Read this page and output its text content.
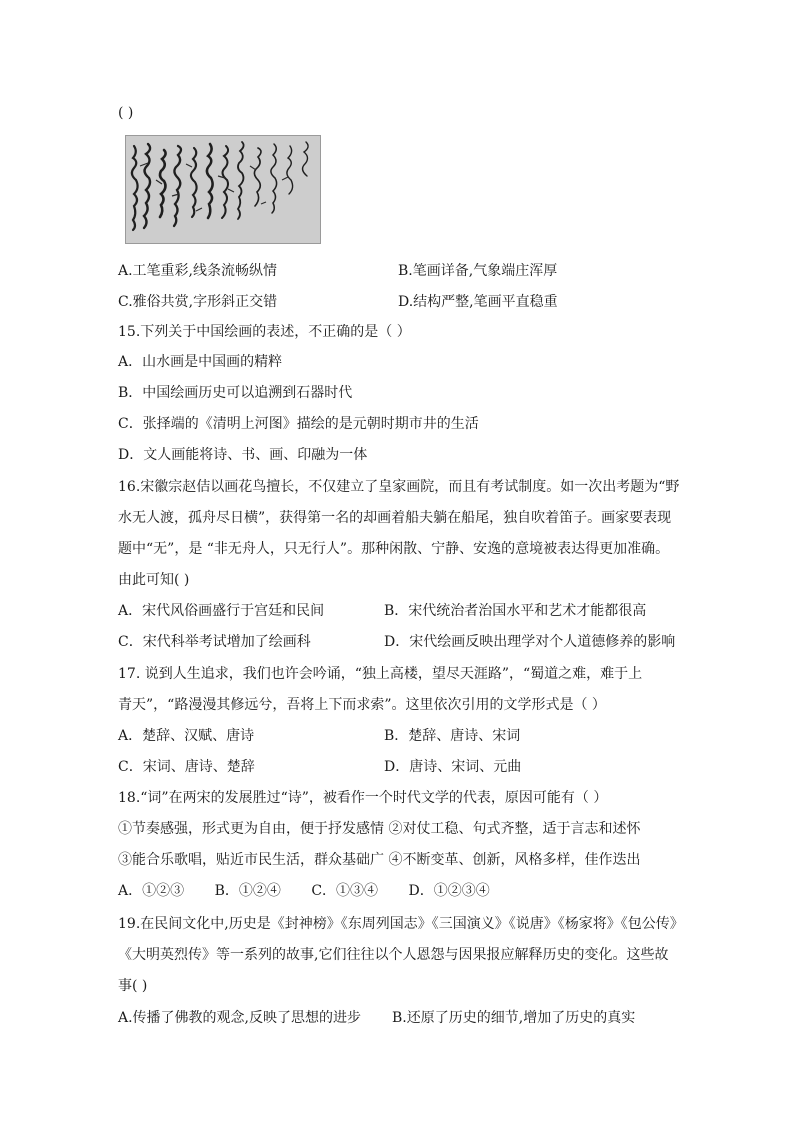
( )
A.工笔重彩,线条流畅纵情	B.笔画详备,气象端庄浑厚
C.雅俗共赏,字形斜正交错	D.结构严整,笔画平直稳重
15.下列关于中国绘画的表述，不正确的是（ ）
A．山水画是中国画的精粹
B．中国绘画历史可以追溯到石器时代
C．张择端的《清明上河图》描绘的是元朝时期市井的生活
D．文人画能将诗、书、画、印融为一体
16.宋徽宗赵佶以画花鸟擅长，不仅建立了皇家画院，而且有考试制度。如一次出考题为“野
水无人渡，孤舟尽日横”，获得第一名的却画着船夫躺在船尾，独自吹着笛子。画家要表现
题中“无”，是 “非无舟人，只无行人”。那种闲散、宁静、安逸的意境被表达得更加准确。
由此可知( )
A．宋代风俗画盛行于宫廷和民间	B．宋代统治者治国水平和艺术才能都很高
C．宋代科举考试增加了绘画科	D．宋代绘画反映出理学对个人道德修养的影响
17. 说到人生追求，我们也许会吟诵，“独上高楼，望尽天涯路”，“蜀道之难，难于上
青天”，“路漫漫其修远兮，吾将上下而求索”。这里依次引用的文学形式是（ ）
A．楚辞、汉赋、唐诗	B．楚辞、唐诗、宋词
C．宋词、唐诗、楚辞	D．唐诗、宋词、元曲
18.“词”在两宋的发展胜过“诗”，被看作一个时代文学的代表，原因可能有（ ）
①节奏感强，形式更为自由，便于抒发感情 ②对仗工稳、句式齐整，适于言志和述怀
③能合乐歌唱，贴近市民生活，群众基础广 ④不断变革、创新，风格多样，佳作迭出
A．①②③ B．①②④ C．①③④ D．①②③④
19.在民间文化中,历史是《封神榜》《东周列国志》《三国演义》《说唐》《杨家将》《包公传》
《大明英烈传》等一系列的故事,它们往往以个人恩怨与因果报应解释历史的变化。这些故
事( )
A.传播了佛教的观念,反映了思想的进步 B.还原了历史的细节,增加了历史的真实
